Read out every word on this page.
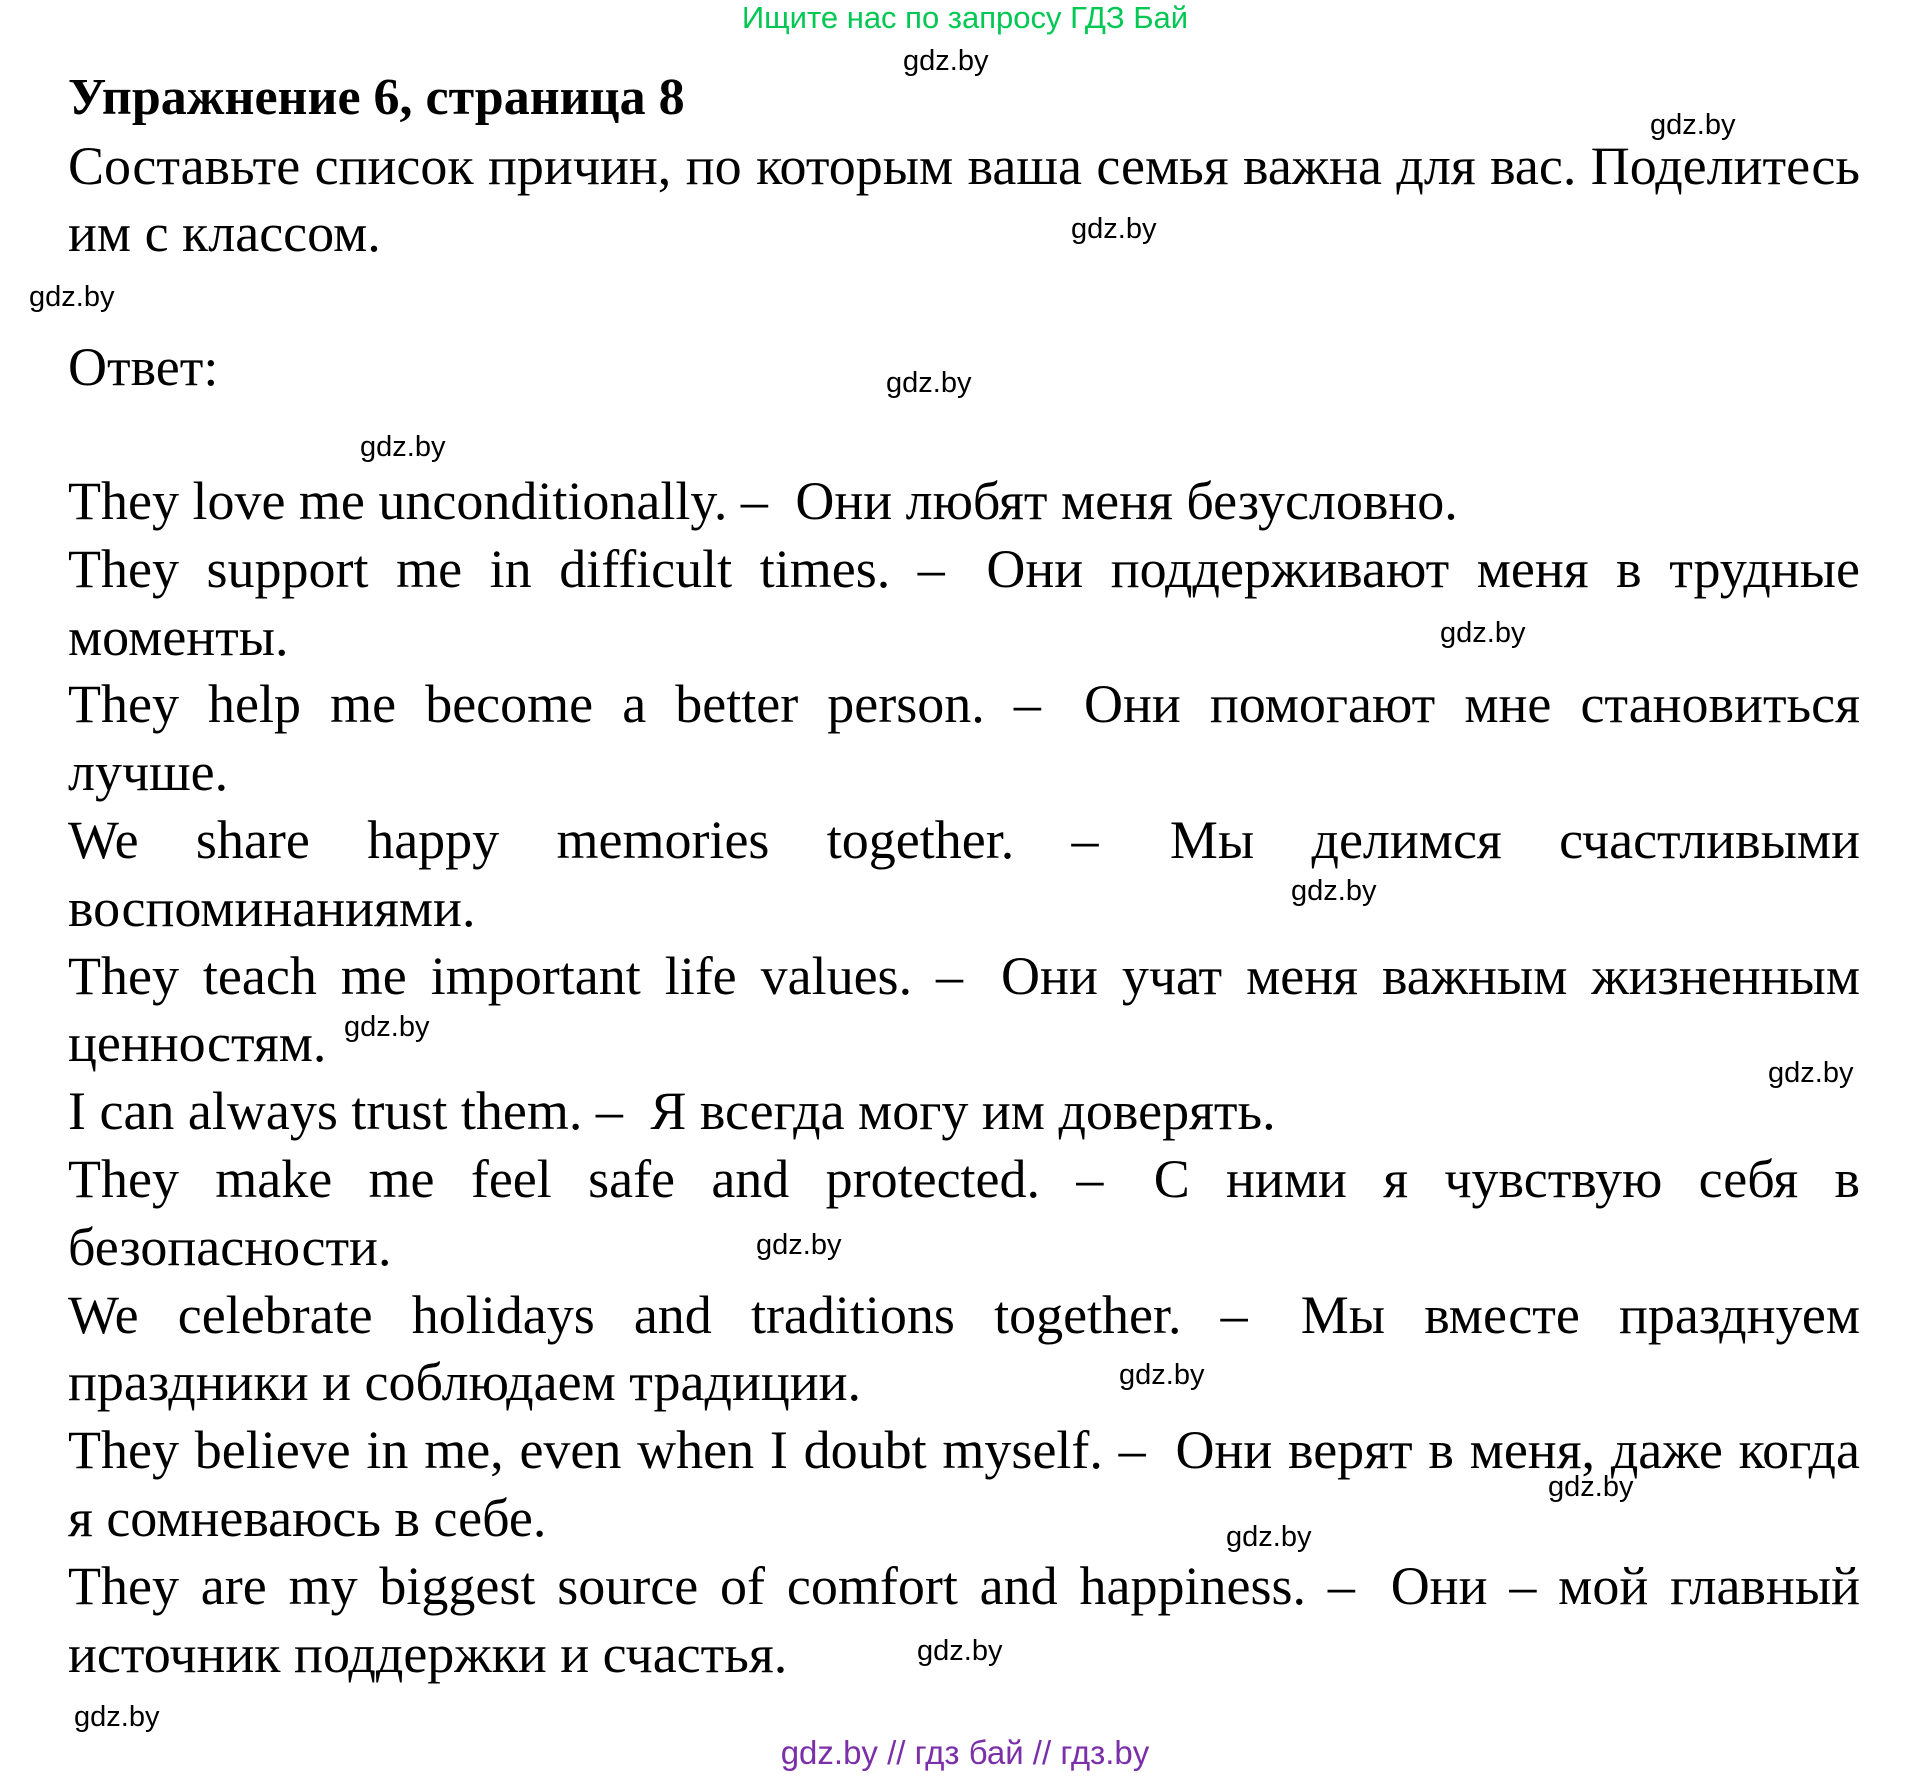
Ищите нас по запросу ГДЗ Бай
Упражнение 6, страница 8
Составьте список причин, по которым ваша семья важна для вас. Поделитесь им с классом.
Ответ:
They love me unconditionally. – Они любят меня безусловно.
They support me in difficult times. – Они поддерживают меня в трудные моменты.
They help me become a better person. – Они помогают мне становиться лучше.
We share happy memories together. – Мы делимся счастливыми воспоминаниями.
They teach me important life values. – Они учат меня важным жизненным ценностям.
I can always trust them. – Я всегда могу им доверять.
They make me feel safe and protected. – С ними я чувствую себя в безопасности.
We celebrate holidays and traditions together. – Мы вместе празднуем праздники и соблюдаем традиции.
They believe in me, even when I doubt myself. – Они верят в меня, даже когда я сомневаюсь в себе.
They are my biggest source of comfort and happiness. – Они – мой главный источник поддержки и счастья.
gdz.by
gdz.by
gdz.by
gdz.by
gdz.by
gdz.by
gdz.by
gdz.by
gdz.by
gdz.by
gdz.by
gdz.by
gdz.by
gdz.by
gdz.by
gdz.by
gdz.by // гдз бай // гдз.by
